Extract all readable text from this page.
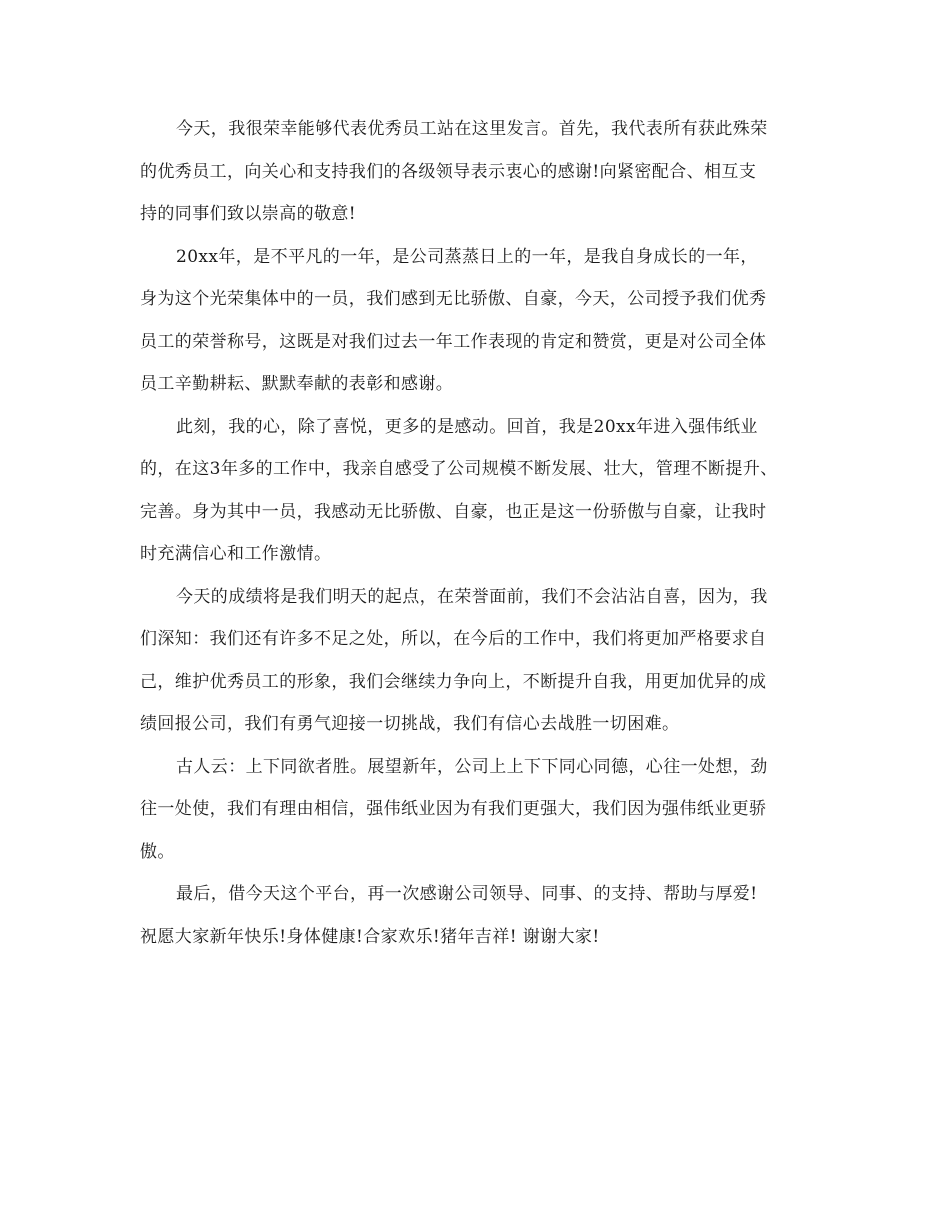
今天，我很荣幸能够代表优秀员工站在这里发言。首先，我代表所有获此殊荣
的优秀员工，向关心和支持我们的各级领导表示衷心的感谢!向紧密配合、相互支
持的同事们致以崇高的敬意!

20xx年，是不平凡的一年，是公司蒸蒸日上的一年，是我自身成长的一年，
身为这个光荣集体中的一员，我们感到无比骄傲、自豪，今天，公司授予我们优秀
员工的荣誉称号，这既是对我们过去一年工作表现的肯定和赞赏，更是对公司全体
员工辛勤耕耘、默默奉献的表彰和感谢。

此刻，我的心，除了喜悦，更多的是感动。回首，我是20xx年进入强伟纸业
的，在这3年多的工作中，我亲自感受了公司规模不断发展、壮大，管理不断提升、
完善。身为其中一员，我感动无比骄傲、自豪，也正是这一份骄傲与自豪，让我时
时充满信心和工作激情。

今天的成绩将是我们明天的起点，在荣誉面前，我们不会沾沾自喜，因为，我
们深知：我们还有许多不足之处，所以，在今后的工作中，我们将更加严格要求自
己，维护优秀员工的形象，我们会继续力争向上，不断提升自我，用更加优异的成
绩回报公司，我们有勇气迎接一切挑战，我们有信心去战胜一切困难。

古人云：上下同欲者胜。展望新年，公司上上下下同心同德，心往一处想，劲
往一处使，我们有理由相信，强伟纸业因为有我们更强大，我们因为强伟纸业更骄
傲。

最后，借今天这个平台，再一次感谢公司领导、同事、的支持、帮助与厚爱!
祝愿大家新年快乐!身体健康!合家欢乐!猪年吉祥! 谢谢大家!
